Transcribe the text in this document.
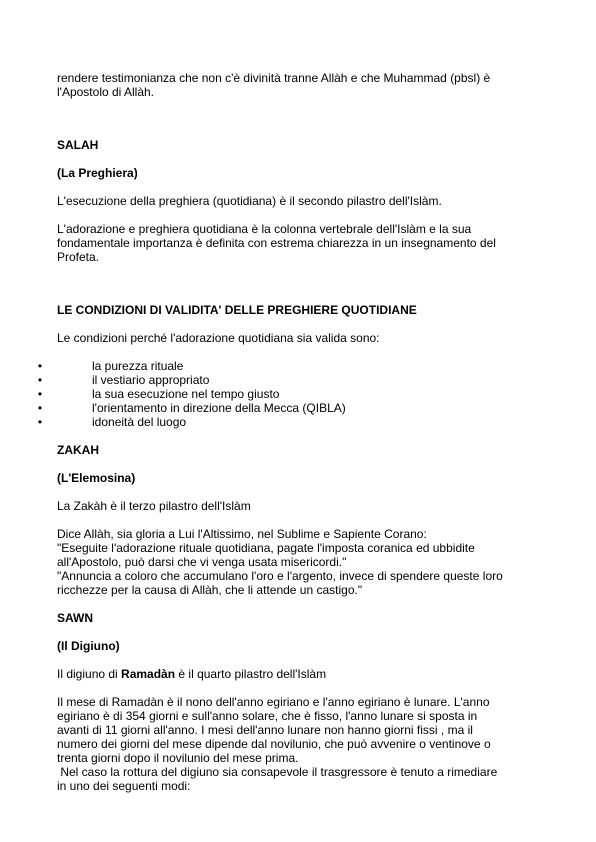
rendere testimonianza che non c'è divinità tranne Allàh e che Muhammad (pbsl) è

l'Apostolo di Allàh.

SALAH

(La Preghiera)

L'esecuzione della preghiera (quotidiana) è il secondo pilastro dell'Islàm.

L'adorazione e preghiera quotidiana è la colonna vertebrale dell'Islàm e la sua

fondamentale importanza è definita con estrema chiarezza in un insegnamento del

Profeta.

LE CONDIZIONI DI VALIDITA' DELLE PREGHIERE QUOTIDIANE

Le condizioni perché l'adorazione quotidiana sia valida sono:

•	la purezza rituale
•	il vestiario appropriato
•	la sua esecuzione nel tempo giusto
•	l'orientamento in direzione della Mecca (QIBLA)
•	idoneità del luogo

ZAKAH

(L'Elemosina)

La Zakàh è il terzo pilastro dell'Islàm

Dice Allàh, sia gloria a Lui l'Altissimo, nel Sublime e Sapiente Corano:

"Eseguite l'adorazione rituale quotidiana, pagate l'imposta coranica ed ubbidite

all'Apostolo, può darsi che vi venga usata misericordi."

"Annuncia a coloro che accumulano l'oro e l'argento, invece di spendere queste loro

ricchezze per la causa di Allàh, che li attende un castigo."

SAWN

(Il Digiuno)

Il digiuno di Ramadàn è il quarto pilastro dell'Islàm

Il mese di Ramadàn è il nono dell'anno egiriano e l'anno egiriano è lunare. L'anno

egiriano è di 354 giorni e sull'anno solare, che è fisso, l'anno lunare si sposta in

avanti di 11 giorni all'anno. I mesi dell'anno lunare non hanno giorni fissi , ma il

numero dei giorni del mese dipende dal novilunio, che può avvenire o ventinove o

trenta giorni dopo il novilunio del mese prima.

Nel caso la rottura del digiuno sia consapevole il trasgressore è tenuto a rimediare

in uno dei seguenti modi:
